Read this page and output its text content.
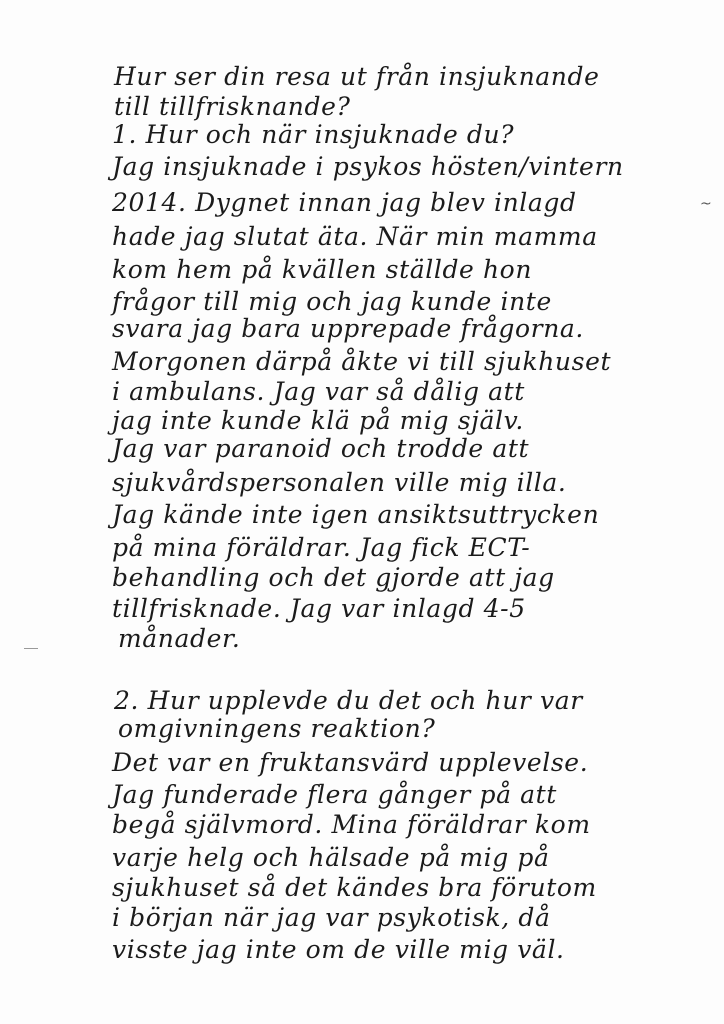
Hur ser din resa ut från insjuknande
till tillfrisknande?
1. Hur och när insjuknade du?
Jag insjuknade i psykos hösten/vintern
2014. Dygnet innan jag blev inlagd
hade jag slutat äta. När min mamma
kom hem på kvällen ställde hon
frågor till mig och jag kunde inte
svara jag bara upprepade frågorna.
Morgonen därpå åkte vi till sjukhuset
i ambulans. Jag var så dålig att
jag inte kunde klä på mig själv.
Jag var paranoid och trodde att
sjukvårdspersonalen ville mig illa.
Jag kände inte igen ansiktsuttrycken
på mina föräldrar. Jag fick ECT-
behandling och det gjorde att jag
tillfrisknade. Jag var inlagd 4-5
månader.
2. Hur upplevde du det och hur var
omgivningens reaktion?
Det var en fruktansvärd upplevelse.
Jag funderade flera gånger på att
begå självmord. Mina föräldrar kom
varje helg och hälsade på mig på
sjukhuset så det kändes bra förutom
i början när jag var psykotisk, då
visste jag inte om de ville mig väl.
~
